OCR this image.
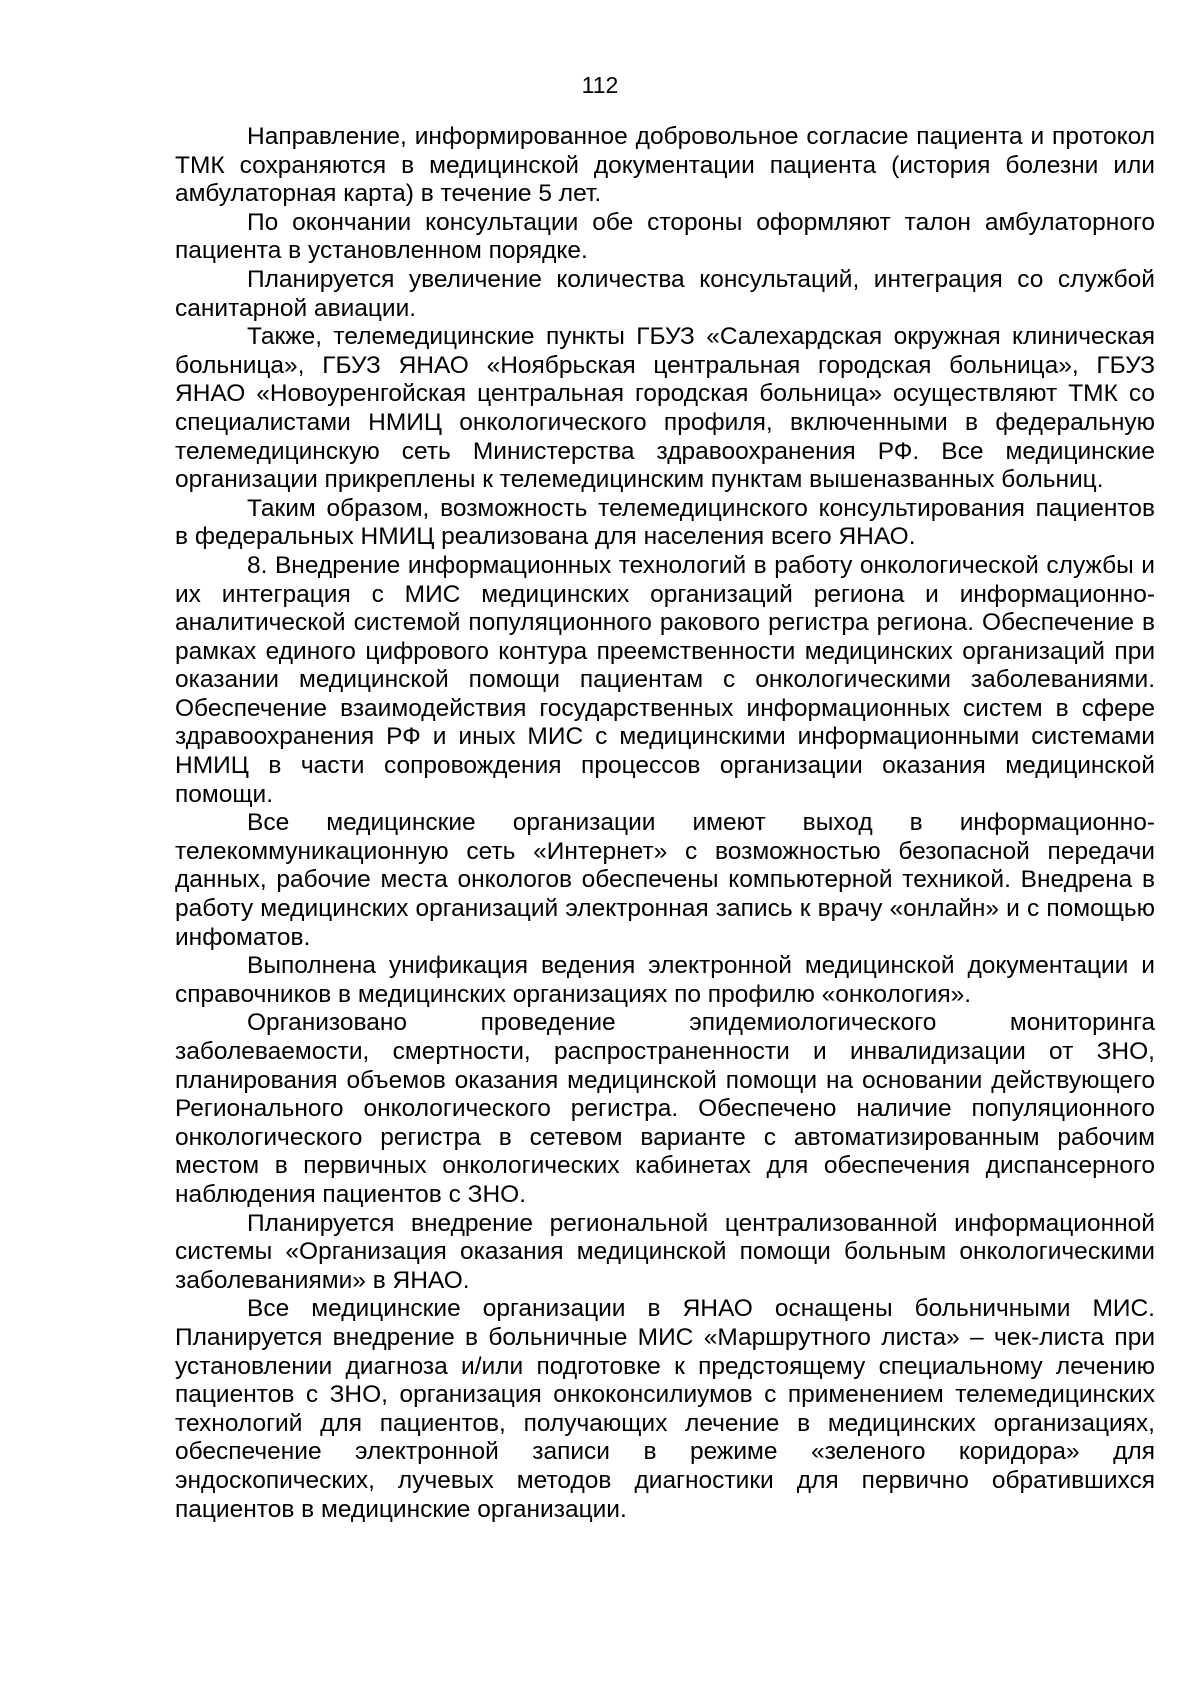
112

Направление, информированное добровольное согласие пациента и протокол ТМК сохраняются в медицинской документации пациента (история болезни или амбулаторная карта) в течение 5 лет.

По окончании консультации обе стороны оформляют талон амбулаторного пациента в установленном порядке.

Планируется увеличение количества консультаций, интеграция со службой санитарной авиации.

Также, телемедицинские пункты ГБУЗ «Салехардская окружная клиническая больница», ГБУЗ ЯНАО «Ноябрьская центральная городская больница», ГБУЗ ЯНАО «Новоуренгойская центральная городская больница» осуществляют ТМК со специалистами НМИЦ онкологического профиля, включенными в федеральную телемедицинскую сеть Министерства здравоохранения РФ. Все медицинские организации прикреплены к телемедицинским пунктам вышеназванных больниц.

Таким образом, возможность телемедицинского консультирования пациентов в федеральных НМИЦ реализована для населения всего ЯНАО.

8. Внедрение информационных технологий в работу онкологической службы и их интеграция с МИС медицинских организаций региона и информационно-аналитической системой популяционного ракового регистра региона. Обеспечение в рамках единого цифрового контура преемственности медицинских организаций при оказании медицинской помощи пациентам с онкологическими заболеваниями. Обеспечение взаимодействия государственных информационных систем в сфере здравоохранения РФ и иных МИС с медицинскими информационными системами НМИЦ в части сопровождения процессов организации оказания медицинской помощи.

Все медицинские организации имеют выход в информационно-телекоммуникационную сеть «Интернет» с возможностью безопасной передачи данных, рабочие места онкологов обеспечены компьютерной техникой. Внедрена в работу медицинских организаций электронная запись к врачу «онлайн» и с помощью инфоматов.

Выполнена унификация ведения электронной медицинской документации и справочников в медицинских организациях по профилю «онкология».

Организовано проведение эпидемиологического мониторинга заболеваемости, смертности, распространенности и инвалидизации от ЗНО, планирования объемов оказания медицинской помощи на основании действующего Регионального онкологического регистра. Обеспечено наличие популяционного онкологического регистра в сетевом варианте с автоматизированным рабочим местом в первичных онкологических кабинетах для обеспечения диспансерного наблюдения пациентов с ЗНО.

Планируется внедрение региональной централизованной информационной системы «Организация оказания медицинской помощи больным онкологическими заболеваниями» в ЯНАО.

Все медицинские организации в ЯНАО оснащены больничными МИС. Планируется внедрение в больничные МИС «Маршрутного листа» – чек-листа при установлении диагноза и/или подготовке к предстоящему специальному лечению пациентов с ЗНО, организация онкоконсилиумов с применением телемедицинских технологий для пациентов, получающих лечение в медицинских организациях, обеспечение электронной записи в режиме «зеленого коридора» для эндоскопических, лучевых методов диагностики для первично обратившихся пациентов в медицинские организации.
